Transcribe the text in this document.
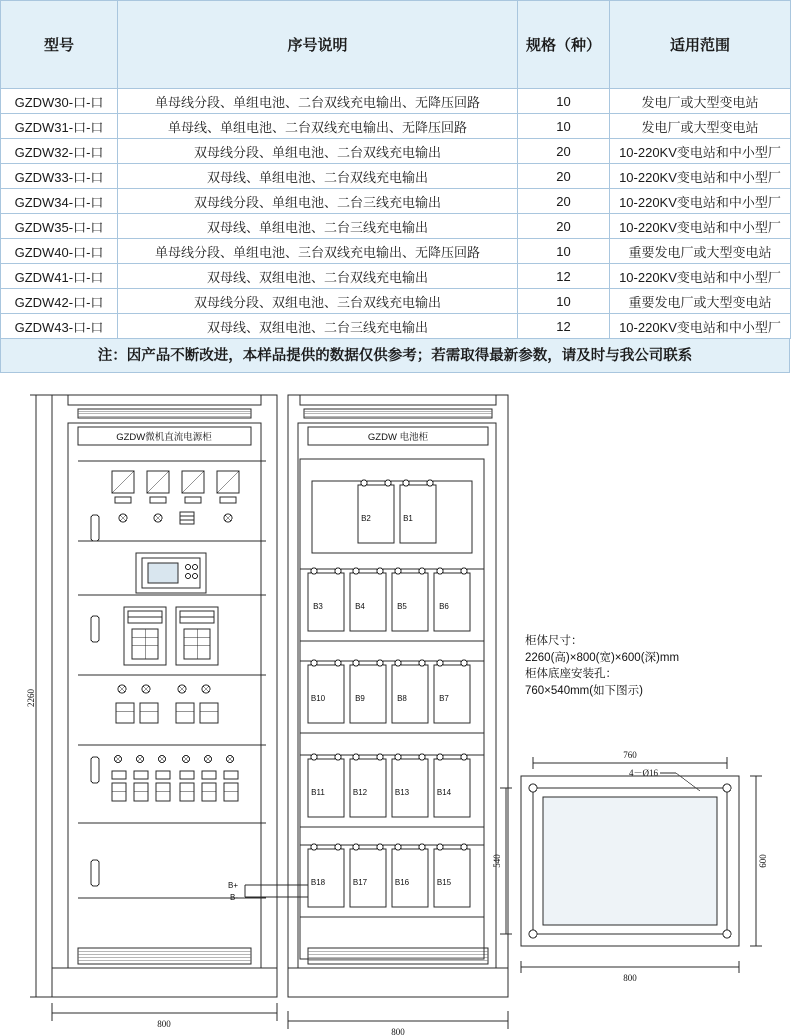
型号	序号说明	规格（种）	适用范围
GZDW30-口-口	单母线分段、单组电池、二台双线充电输出、无降压回路	10	发电厂或大型变电站
GZDW31-口-口	单母线、单组电池、二台双线充电输出、无降压回路	10	发电厂或大型变电站
GZDW32-口-口	双母线分段、单组电池、二台双线充电输出	20	10-220KV变电站和中小型厂
GZDW33-口-口	双母线、单组电池、二台双线充电输出	20	10-220KV变电站和中小型厂
GZDW34-口-口	双母线分段、单组电池、二台三线充电输出	20	10-220KV变电站和中小型厂
GZDW35-口-口	双母线、单组电池、二台三线充电输出	20	10-220KV变电站和中小型厂
GZDW40-口-口	单母线分段、单组电池、三台双线充电输出、无降压回路	10	重要发电厂或大型变电站
GZDW41-口-口	双母线、双组电池、二台双线充电输出	12	10-220KV变电站和中小型厂
GZDW42-口-口	双母线分段、双组电池、三台双线充电输出	10	重要发电厂或大型变电站
GZDW43-口-口	双母线、双组电池、二台三线充电输出	12	10-220KV变电站和中小型厂
注：因产品不断改进，本样品提供的数据仅供参考；若需取得最新参数，请及时与我公司联系
2260
800
800
GZDW微机直流电源柜	GZDW 电池柜
B2	B1
B3	B4	B5	B6
B10	B9	B8	B7
B11	B12	B13	B14
B18	B17	B16	B15
B+
B-
760
800
540	600
4－Ø16
柜体尺寸：
2260(高)×800(宽)×600(深)mm
柜体底座安装孔：
760×540mm(如下图示)
